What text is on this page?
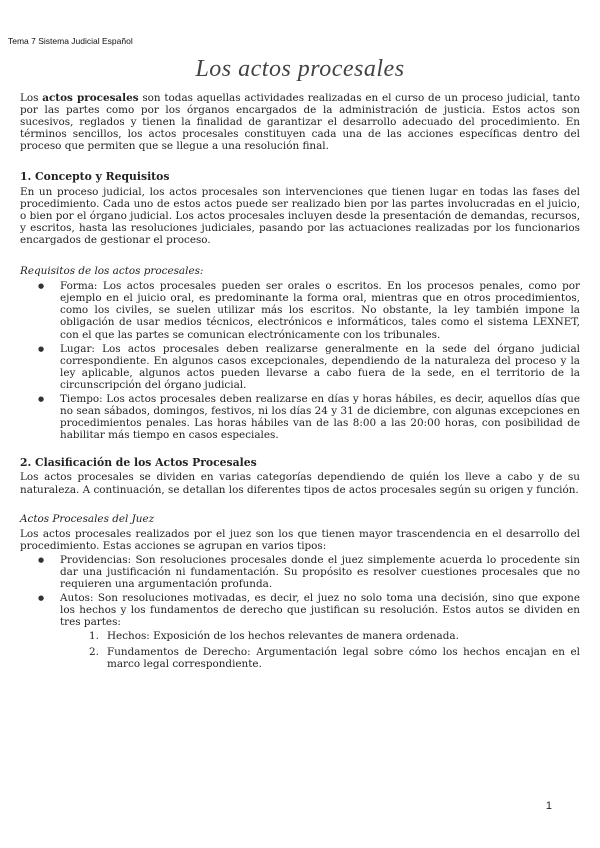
Tema 7 Sistema Judicial Español
Los actos procesales

Los actos procesales son todas aquellas actividades realizadas en el curso de un proceso judicial, tanto por las partes como por los órganos encargados de la administración de justicia. Estos actos son sucesivos, reglados y tienen la finalidad de garantizar el desarrollo adecuado del procedimiento. En términos sencillos, los actos procesales constituyen cada una de las acciones específicas dentro del proceso que permiten que se llegue a una resolución final.

1. Concepto y Requisitos

En un proceso judicial, los actos procesales son intervenciones que tienen lugar en todas las fases del procedimiento. Cada uno de estos actos puede ser realizado bien por las partes involucradas en el juicio, o bien por el órgano judicial. Los actos procesales incluyen desde la presentación de demandas, recursos, y escritos, hasta las resoluciones judiciales, pasando por las actuaciones realizadas por los funcionarios encargados de gestionar el proceso.

Requisitos de los actos procesales:
● Forma: Los actos procesales pueden ser orales o escritos. En los procesos penales, como por ejemplo en el juicio oral, es predominante la forma oral, mientras que en otros procedimientos, como los civiles, se suelen utilizar más los escritos. No obstante, la ley también impone la obligación de usar medios técnicos, electrónicos e informáticos, tales como el sistema LEXNET, con el que las partes se comunican electrónicamente con los tribunales.
● Lugar: Los actos procesales deben realizarse generalmente en la sede del órgano judicial correspondiente. En algunos casos excepcionales, dependiendo de la naturaleza del proceso y la ley aplicable, algunos actos pueden llevarse a cabo fuera de la sede, en el territorio de la circunscripción del órgano judicial.
● Tiempo: Los actos procesales deben realizarse en días y horas hábiles, es decir, aquellos días que no sean sábados, domingos, festivos, ni los días 24 y 31 de diciembre, con algunas excepciones en procedimientos penales. Las horas hábiles van de las 8:00 a las 20:00 horas, con posibilidad de habilitar más tiempo en casos especiales.
2. Clasificación de los Actos Procesales

Los actos procesales se dividen en varias categorías dependiendo de quién los lleve a cabo y de su naturaleza. A continuación, se detallan los diferentes tipos de actos procesales según su origen y función.

Actos Procesales del Juez

Los actos procesales realizados por el juez son los que tienen mayor trascendencia en el desarrollo del procedimiento. Estas acciones se agrupan en varios tipos:

● Providencias: Son resoluciones procesales donde el juez simplemente acuerda lo procedente sin dar una justificación ni fundamentación. Su propósito es resolver cuestiones procesales que no requieren una argumentación profunda.
● Autos: Son resoluciones motivadas, es decir, el juez no solo toma una decisión, sino que expone los hechos y los fundamentos de derecho que justifican su resolución. Estos autos se dividen en tres partes:
1. Hechos: Exposición de los hechos relevantes de manera ordenada.
2. Fundamentos de Derecho: Argumentación legal sobre cómo los hechos encajan en el marco legal correspondiente.
1
